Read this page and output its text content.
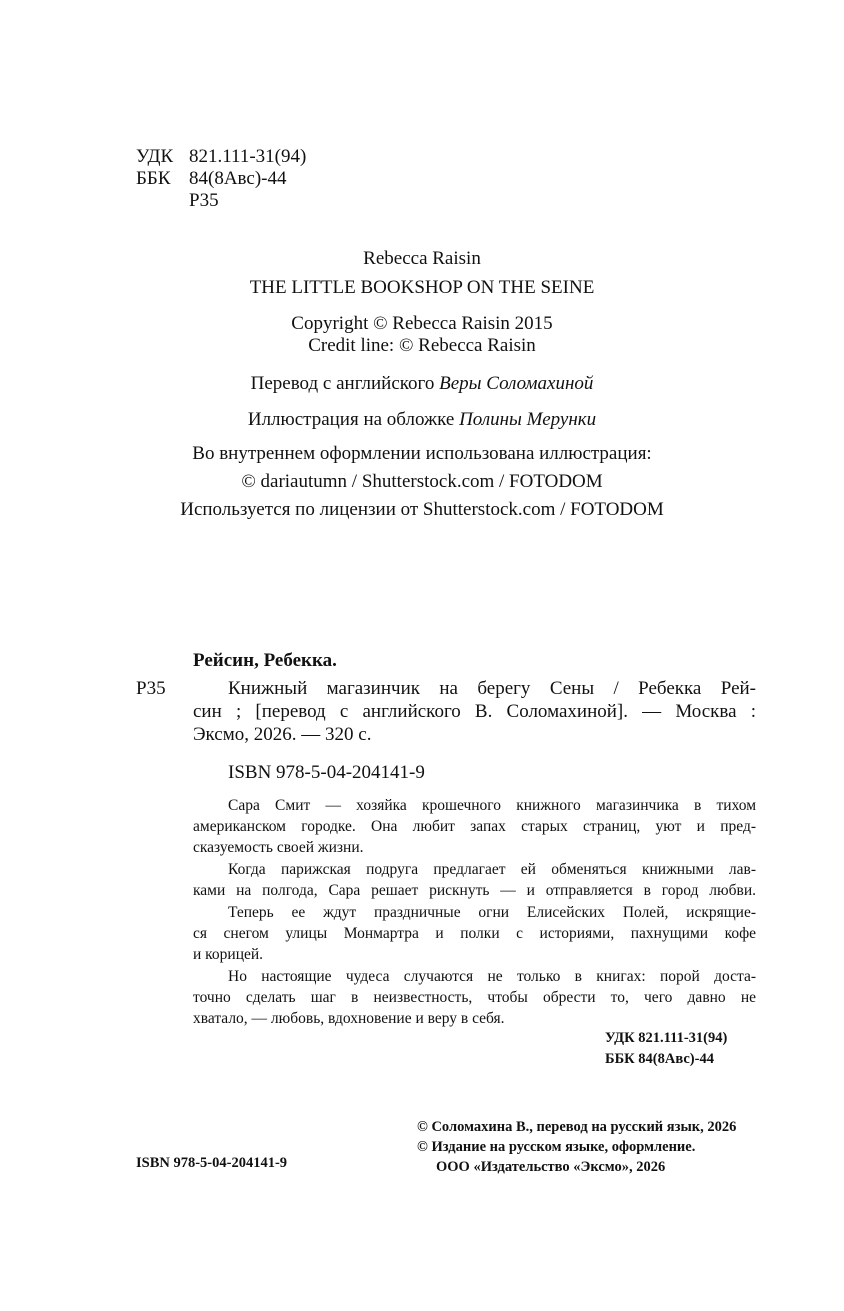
УДК 821.111-31(94)
ББК 84(8Авс)-44
Р35
Rebecca Raisin
THE LITTLE BOOKSHOP ON THE SEINE
Copyright © Rebecca Raisin 2015
Credit line: © Rebecca Raisin
Перевод с английского Веры Соломахиной
Иллюстрация на обложке Полины Мерунки
Во внутреннем оформлении использована иллюстрация:
© dariautumn / Shutterstock.com / FOTODOM
Используется по лицензии от Shutterstock.com / FOTODOM
Рейсин, Ребекка.
Р35	Книжный магазинчик на берегу Сены / Ребекка Рей-
син ; [перевод с английского В. Соломахиной]. — Москва :
Эксмо, 2026. — 320 с.
ISBN 978-5-04-204141-9
Сара Смит — хозяйка крошечного книжного магазинчика в тихом
американском городке. Она любит запах старых страниц, уют и пред-
сказуемость своей жизни.
Когда парижская подруга предлагает ей обменяться книжными лав-
ками на полгода, Сара решает рискнуть — и отправляется в город любви.
Теперь ее ждут праздничные огни Елисейских Полей, искрящие-
ся снегом улицы Монмартра и полки с историями, пахнущими кофе
и корицей.
Но настоящие чудеса случаются не только в книгах: порой доста-
точно сделать шаг в неизвестность, чтобы обрести то, чего давно не
хватало, — любовь, вдохновение и веру в себя.
УДК 821.111-31(94)
ББК 84(8Авс)-44
ISBN 978-5-04-204141-9
© Соломахина В., перевод на русский язык, 2026
© Издание на русском языке, оформление.
ООО «Издательство «Эксмо», 2026
